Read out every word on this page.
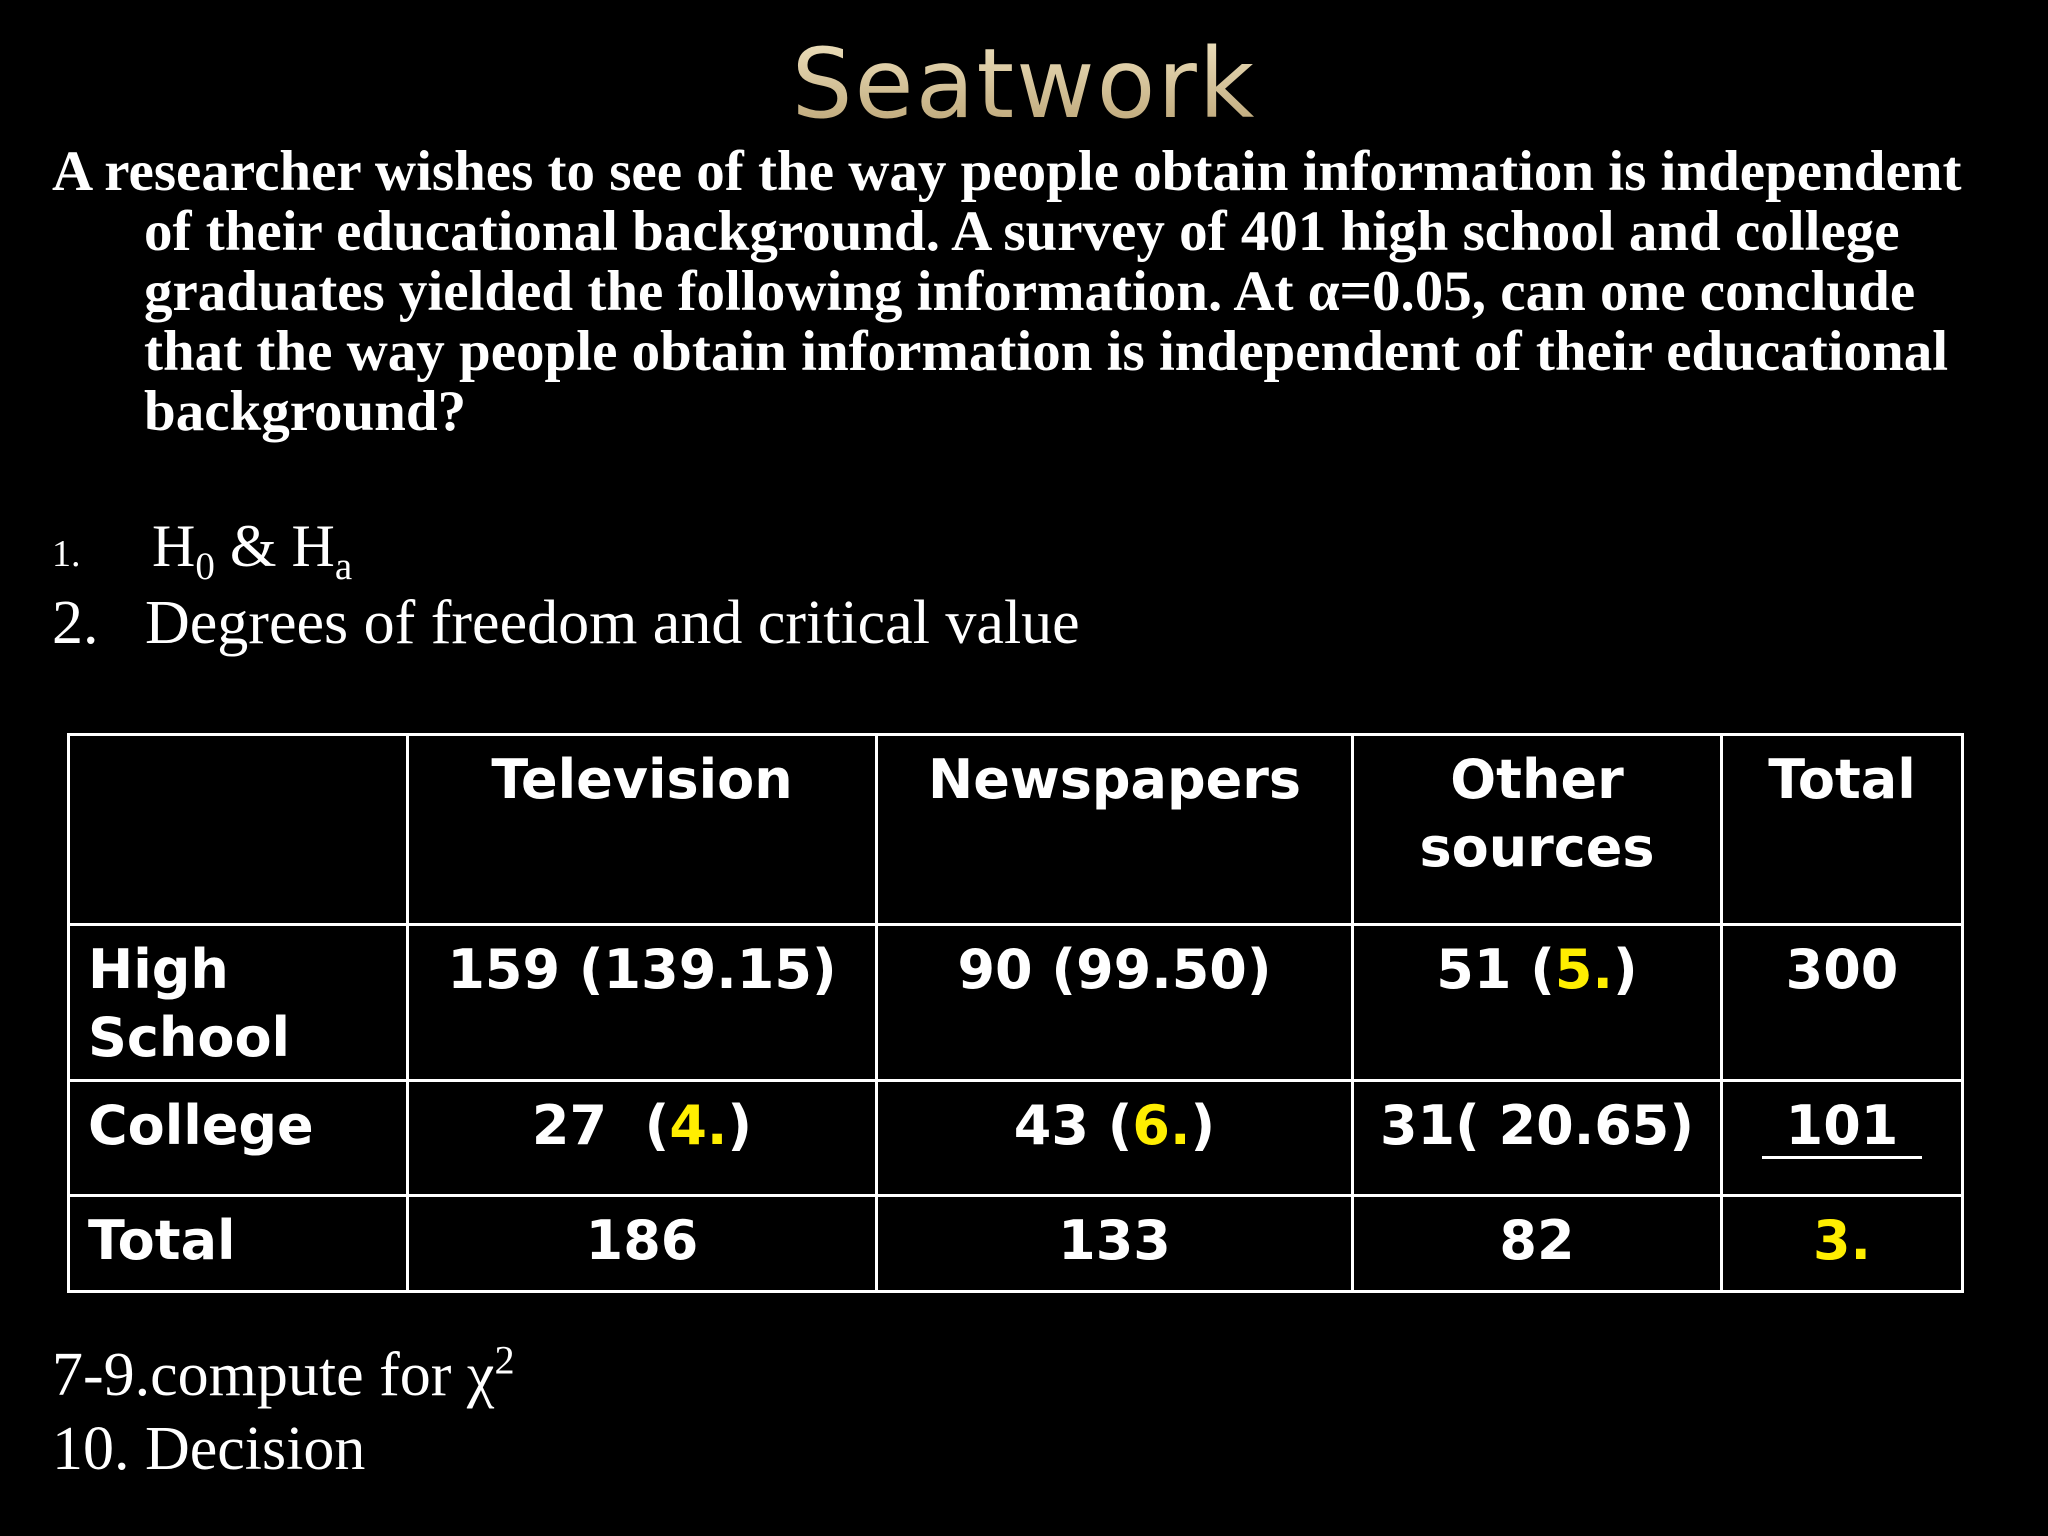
Seatwork

A researcher wishes to see of the way people obtain information is independent of their educational background. A survey of 401 high school and college graduates yielded the following information. At α=0.05, can one conclude that the way people obtain information is independent of their educational background?

1. $H_0$ & $H_a$
2. Degrees of freedom and critical value
	Television	Newspapers	Other sources	Total
High School	159 (139.15)	90 (99.50)	51 (5.)	300
College	27  (4.)	43 (6.)	31( 20.65)	101
Total	186	133	82	3.
7-9.compute for $\chi^2$
10. Decision
